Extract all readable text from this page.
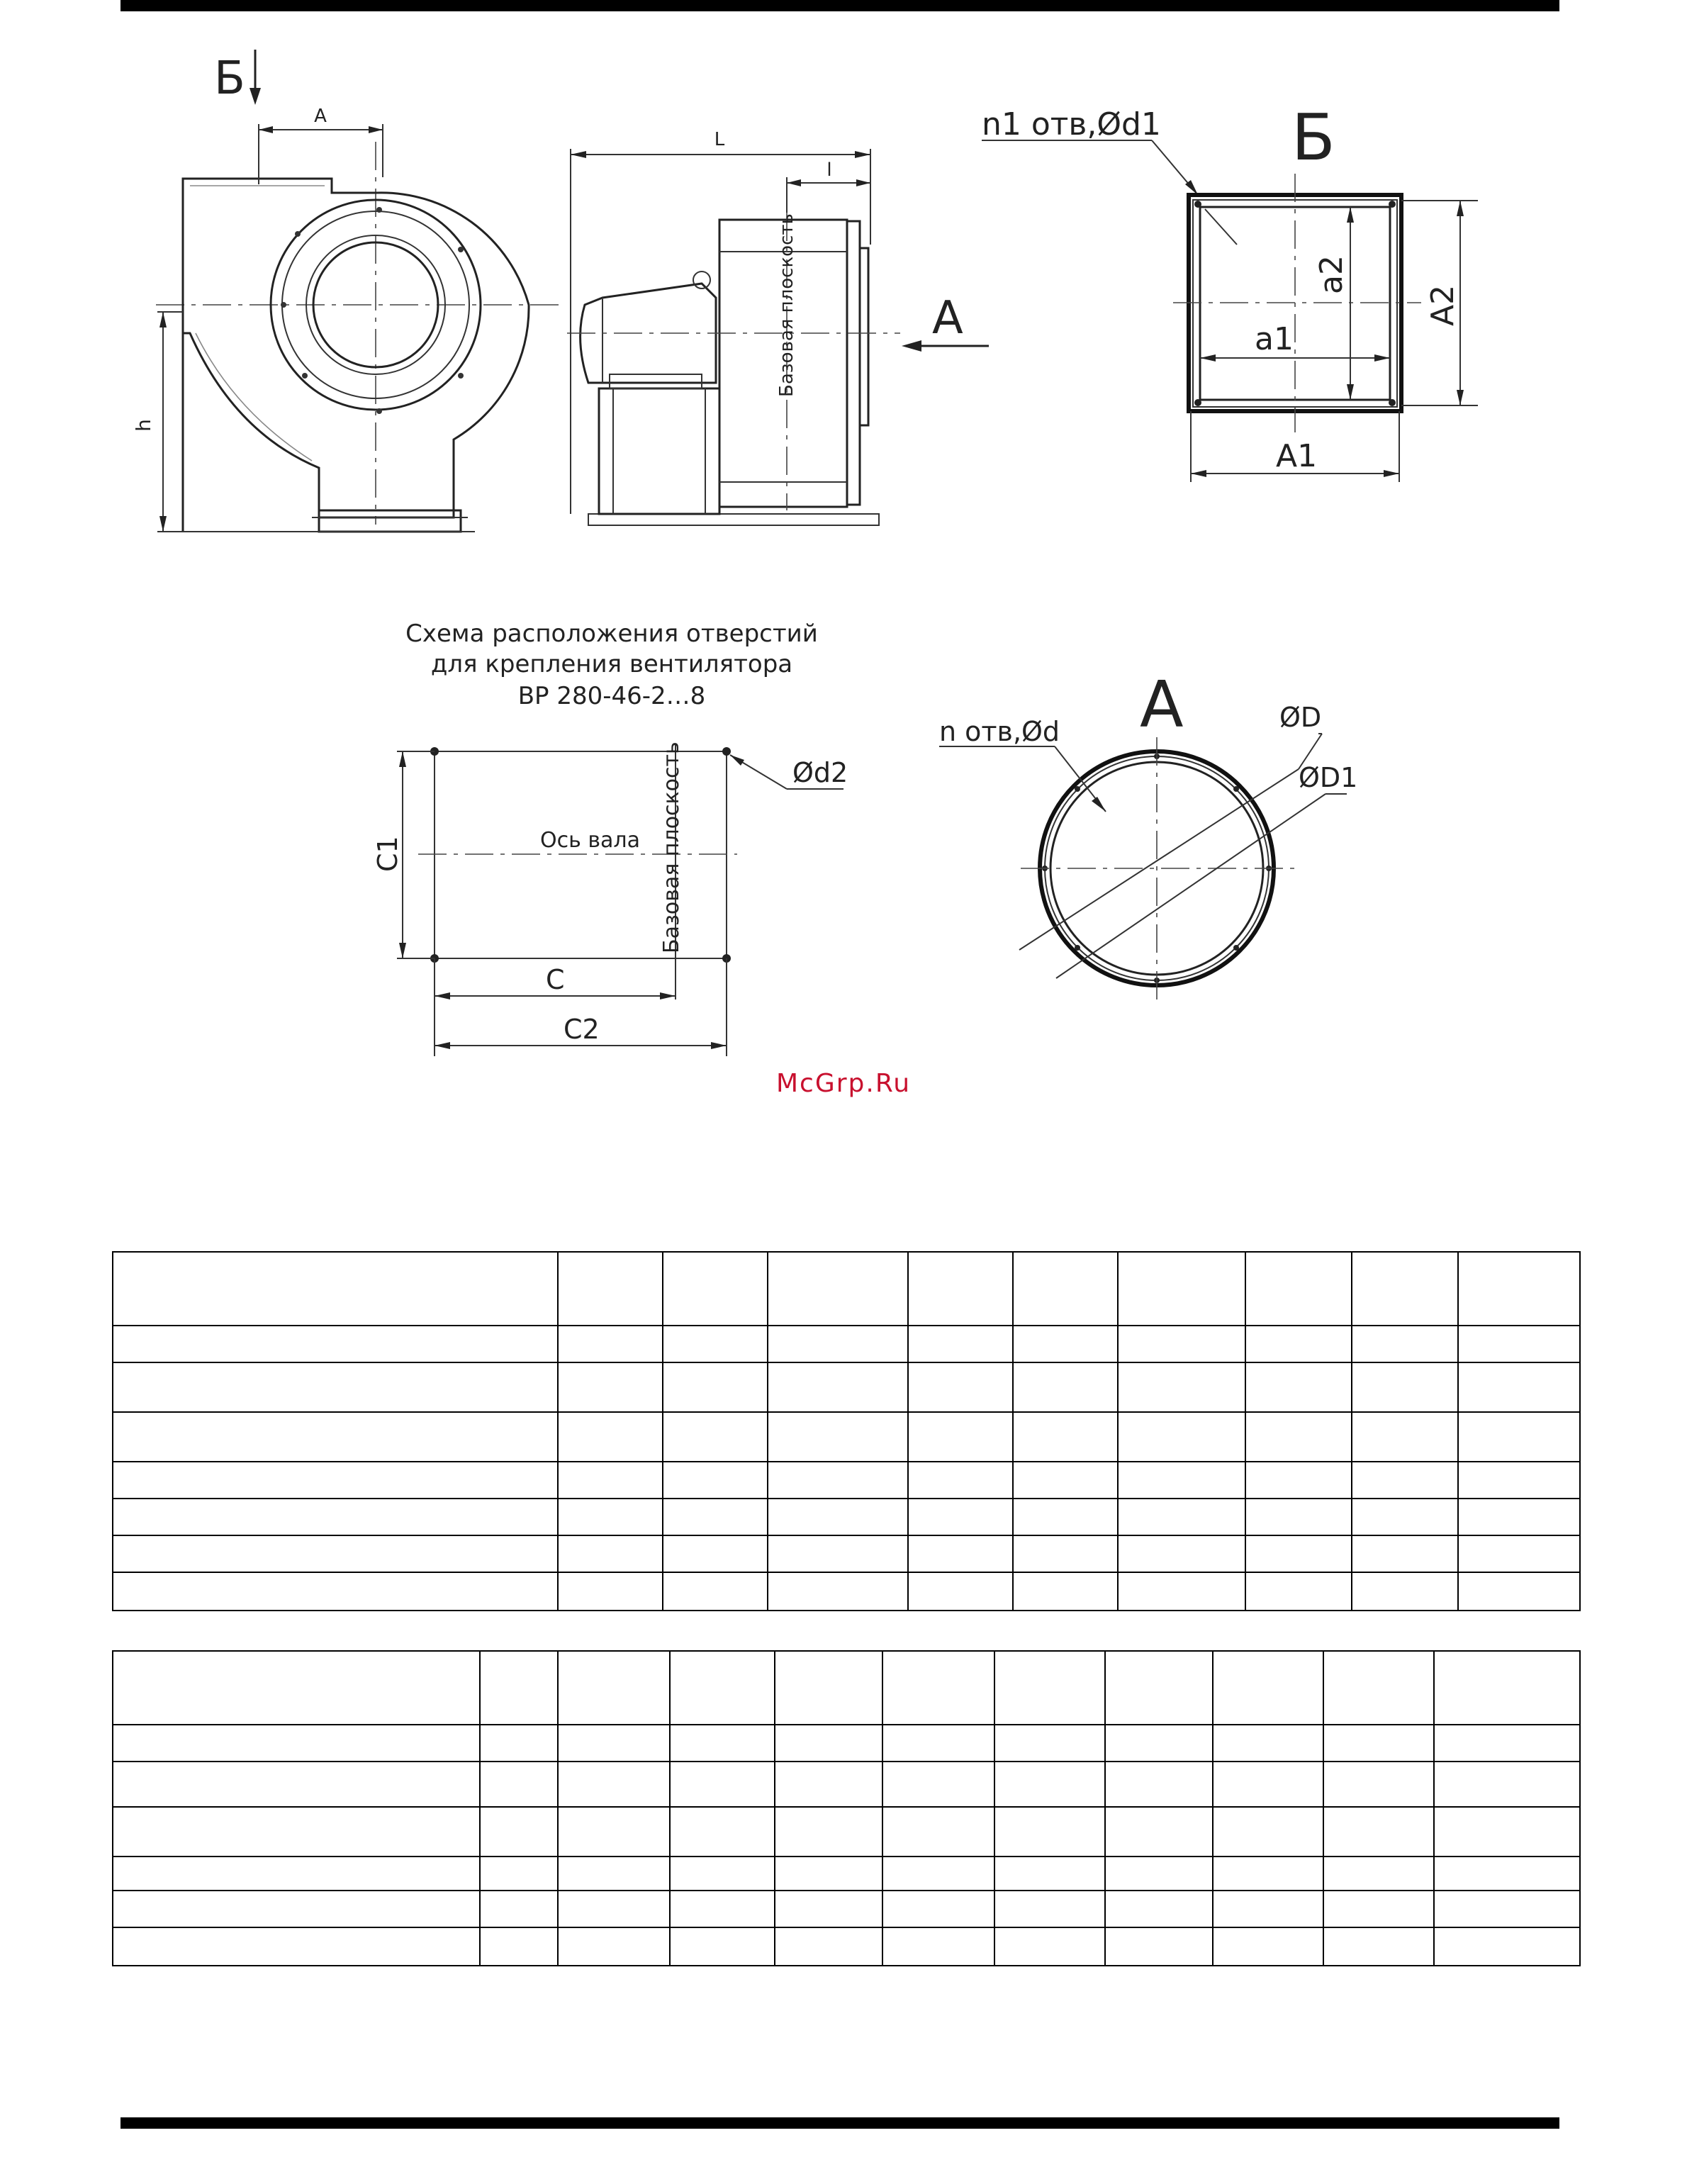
A
Б
h
L
l
Базовая плоскость	A
Б
n1 отв,Ød1
a1
a2
A2
A1
Схема расположения отверстий
для крепления вентилятора
ВР 280-46-2…8
Ось вала Базовая плоскость	Ød2
C1
C
C2
A	ØD
ØD1
n отв,Ød
McGrp.Ru
